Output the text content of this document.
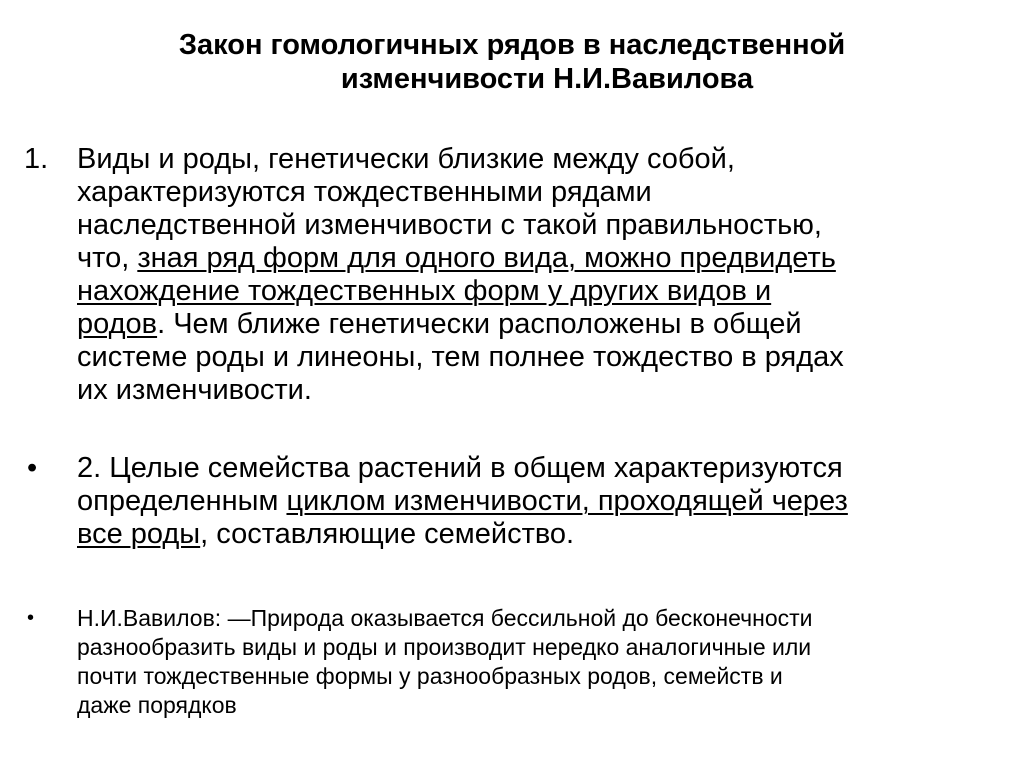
Закон гомологичных рядов в наследственной
изменчивости Н.И.Вавилова
1. Виды и роды, генетически близкие между собой,
характеризуются тождественными рядами
наследственной изменчивости с такой правильностью,
что, зная ряд форм для одного вида, можно предвидеть
нахождение тождественных форм у других видов и
родов. Чем ближе генетически расположены в общей
системе роды и линеоны, тем полнее тождество в рядах
их изменчивости.
• 2. Целые семейства растений в общем характеризуются
определенным циклом изменчивости, проходящей через
все роды, составляющие семейство.
• Н.И.Вавилов: ―Природа оказывается бессильной до бесконечности
разнообразить виды и роды и производит нередко аналогичные или
почти тождественные формы у разнообразных родов, семейств и
даже порядков
